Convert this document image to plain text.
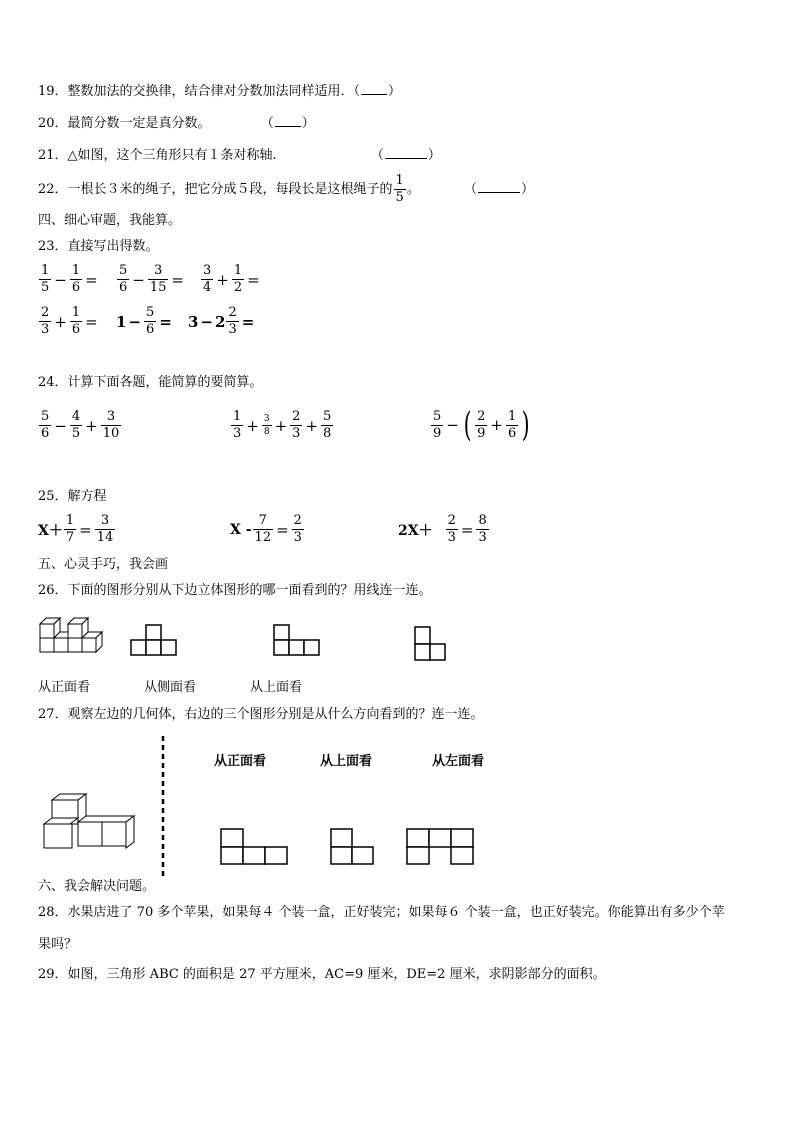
19．整数加法的交换律，结合律对分数加法同样适用．（ ）
20．最简分数一定是真分数。	（ ）
21．△如图，这个三角形只有１条对称轴.	（	）
22．一根长３米的绳子，把它分成５段，每段长是这根绳子的 $\frac{1}{5}$ 。	（	）
四、细心审题，我能算。
23．直接写出得数。
$\frac{1}{5} - \frac{1}{6} = \frac{5}{6} - \frac{3}{15} = \frac{3}{4} + \frac{1}{2}$ =
$\frac{2}{3} + \frac{1}{6} = 1 - \frac{5}{6} = 3 - 2 \frac{2}{3}$ =
24．计算下面各题，能简算的要简算。
$\frac{5}{6} - \frac{4}{5} + \frac{3}{10}$	$\frac{1}{3} + \frac{3}{8} + \frac{2}{3} + \frac{5}{8}$	$\frac{5}{9}$ − ( $\frac{2}{9} + \frac{1}{6}$ )
25．解方程
$X+ \frac{1}{7} = \frac{3}{14}$	$X - \frac{7}{12} = \frac{2}{3}$	$2X+ \frac{2}{3} = \frac{8}{3}$
五、心灵手巧，我会画
26．下面的图形分别从下边立体图形的哪一面看到的？用线连一连。
从正面看	从侧面看	从上面看
27．观察左边的几何体，右边的三个图形分别是从什么方向看到的？连一连。
从正面看	从上面看	从左面看
六、我会解决问题。
28．水果店进了 70 多个苹果，如果每４ 个装一盒，正好装完；如果每６ 个装一盒，也正好装完。你能算出有多少个苹
果吗？
29．如图，三角形 ABC 的面积是 27 平方厘米，AC=9 厘米，DE=2 厘米，求阴影部分的面积。
